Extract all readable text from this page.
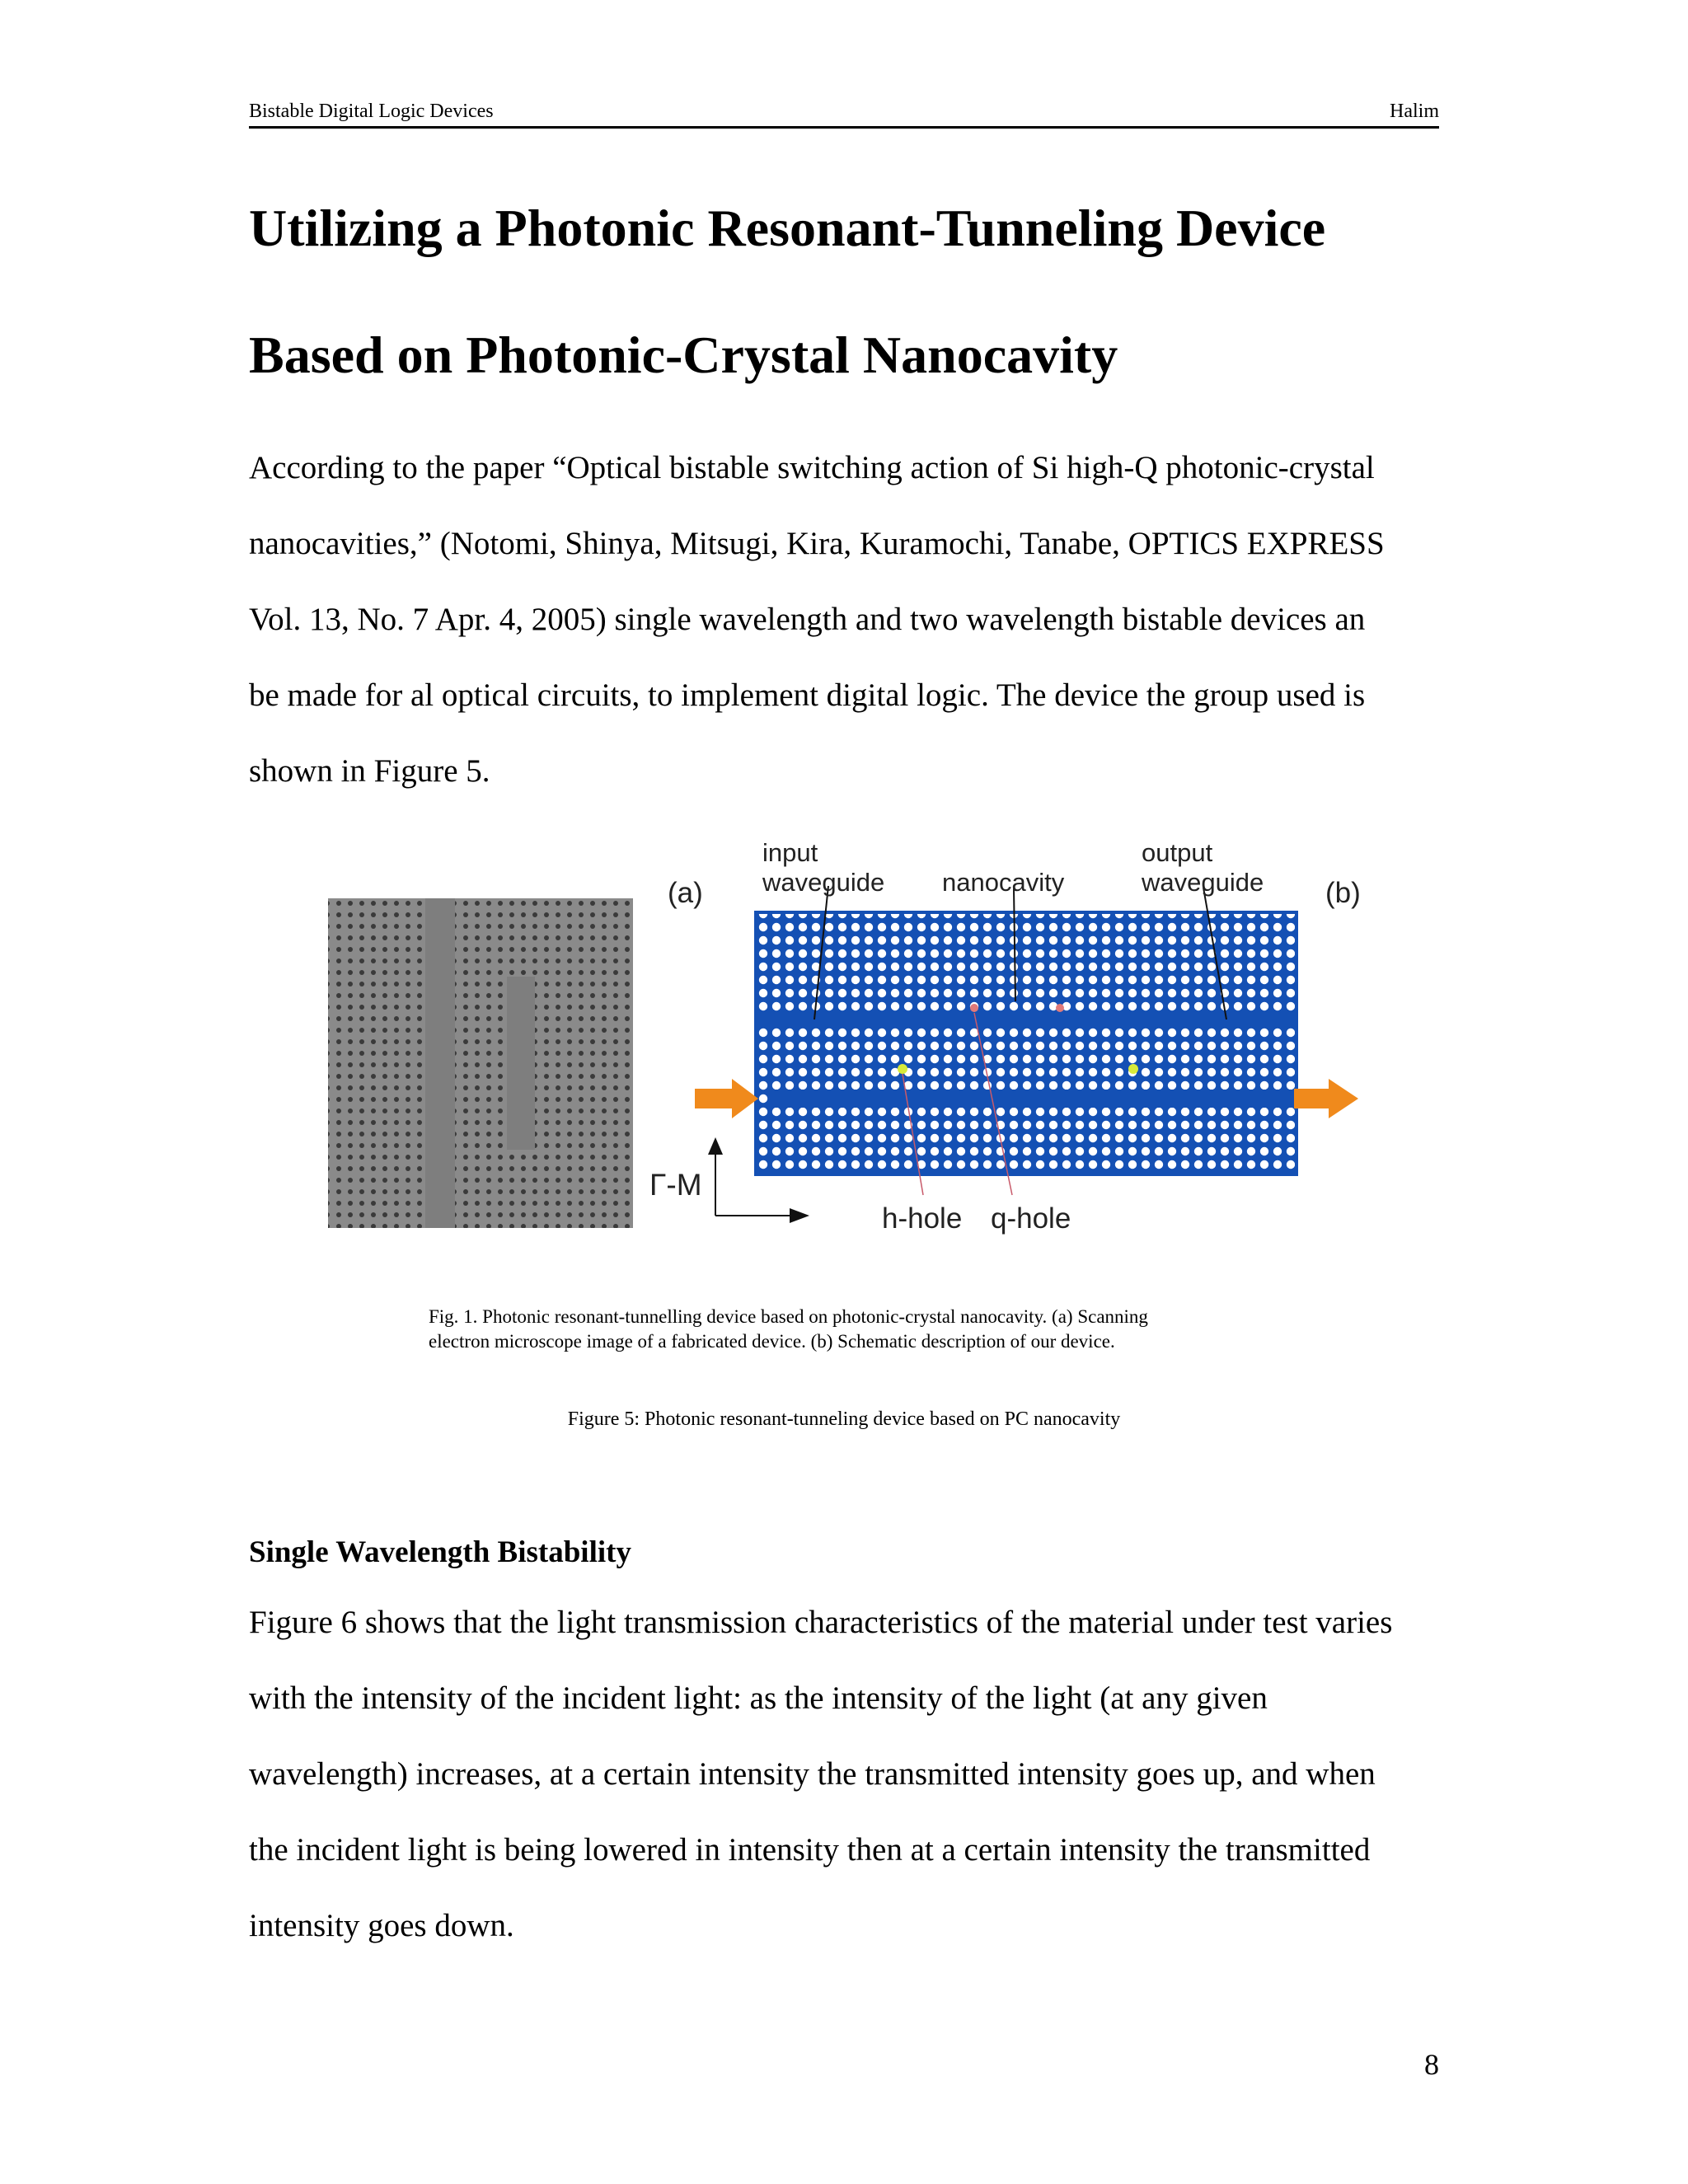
Bistable Digital Logic Devices	Halim
Utilizing a Photonic Resonant-Tunneling Device
Based on Photonic-Crystal Nanocavity
According to the paper “Optical bistable switching action of Si high-Q photonic-crystal
nanocavities,” (Notomi, Shinya, Mitsugi, Kira, Kuramochi, Tanabe, OPTICS EXPRESS
Vol. 13, No. 7 Apr. 4, 2005) single wavelength and two wavelength bistable devices an
be made for al optical circuits, to implement digital logic. The device the group used is
shown in Figure 5.
(a)	(b)
input
waveguide nanocavity
output
waveguide
Γ-M
h-hole q-hole
Fig. 1. Photonic resonant-tunnelling device based on photonic-crystal nanocavity. (a) Scanning
electron microscope image of a fabricated device. (b) Schematic description of our device.
Figure 5: Photonic resonant-tunneling device based on PC nanocavity
Single Wavelength Bistability
Figure 6 shows that the light transmission characteristics of the material under test varies
with the intensity of the incident light: as the intensity of the light (at any given
wavelength) increases, at a certain intensity the transmitted intensity goes up, and when
the incident light is being lowered in intensity then at a certain intensity the transmitted
intensity goes down.
8
